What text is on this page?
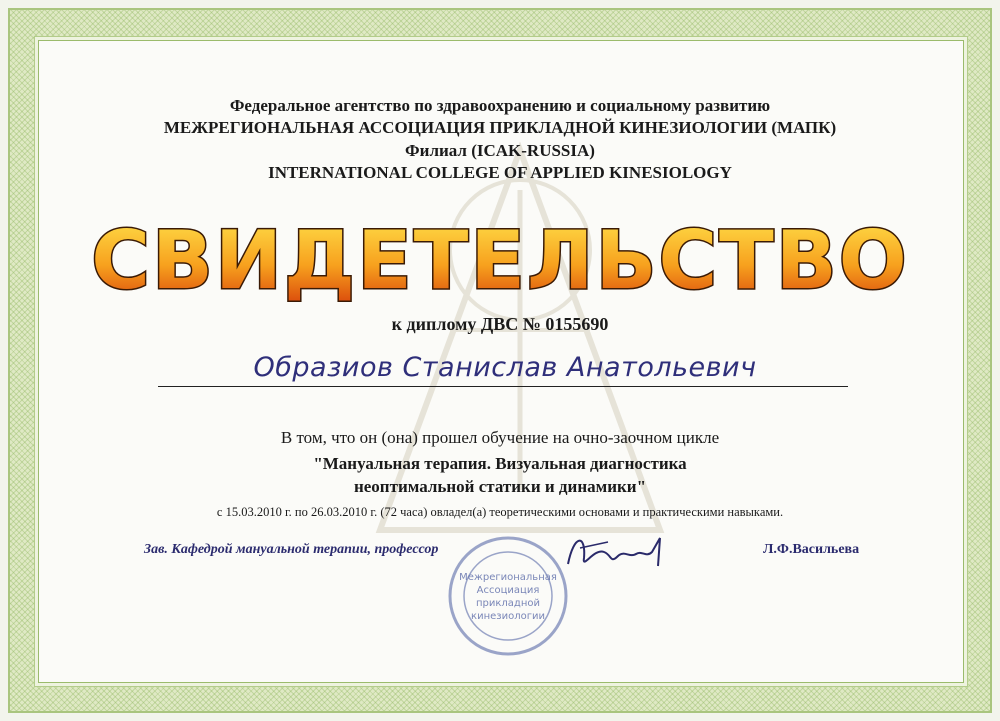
Федеральное агентство по здравоохранению и социальному развитию
МЕЖРЕГИОНАЛЬНАЯ АССОЦИАЦИЯ ПРИКЛАДНОЙ КИНЕЗИОЛОГИИ (МАПК)
Филиал (ICAK-RUSSIA)
INTERNATIONAL COLLEGE OF APPLIED KINESIOLOGY
СВИДЕТЕЛЬСТВО
к диплому ДВС № 0155690
Образиов Станислав Анатольевич
В том, что он (она) прошел обучение на очно-заочном цикле
"Мануальная терапия. Визуальная диагностика
неоптимальной статики и динамики"
с 15.03.2010 г. по 26.03.2010 г. (72 часа) овладел(а) теоретическими основами и практическими навыками.
Межрегиональная
Ассоциация
прикладной
кинезиологии
Зав. Кафедрой мануальной терапии, профессор	Л.Ф.Васильева
